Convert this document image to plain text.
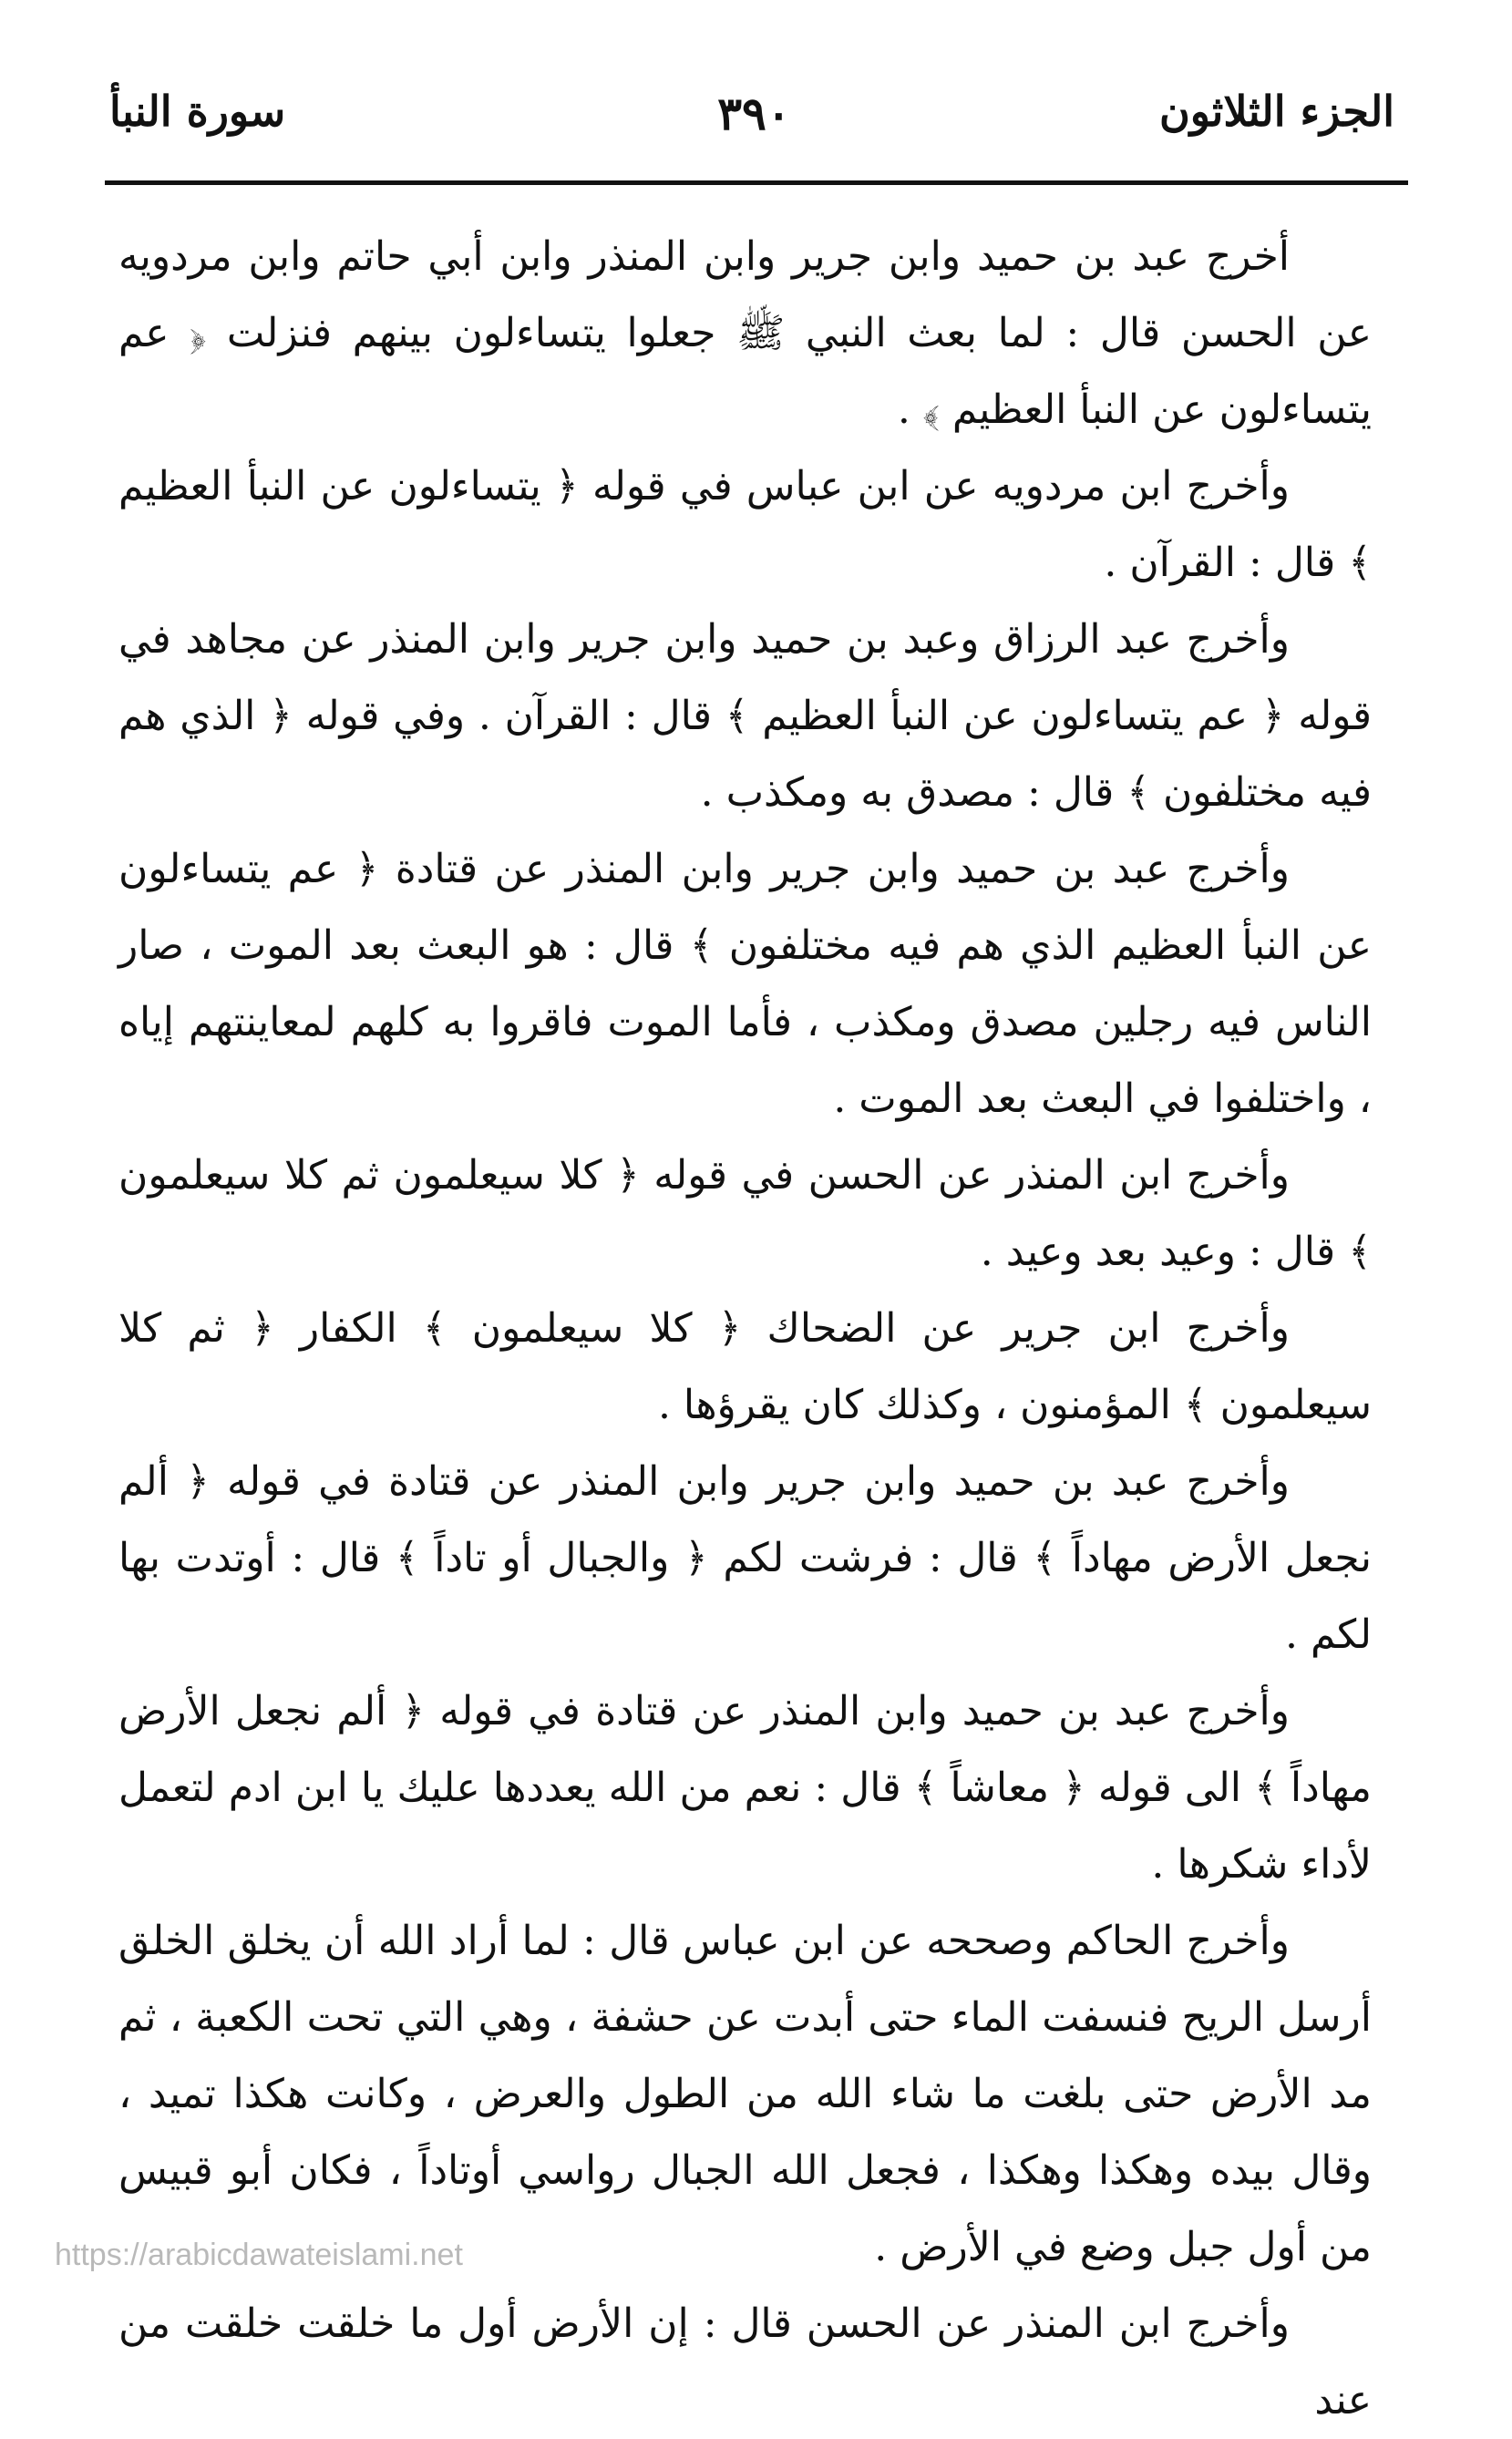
الجزء الثلاثون
٣٩٠
سورة النبأ

أخرج عبد بن حميد وابن جرير وابن المنذر وابن أبي حاتم وابن مردويه عن الحسن قال : لما بعث النبي ﷺ جعلوا يتساءلون بينهم فنزلت ﴿ عم يتساءلون عن النبأ العظيم ﴾ .

وأخرج ابن مردويه عن ابن عباس في قوله ﴿ يتساءلون عن النبأ العظيم ﴾ قال : القرآن .

وأخرج عبد الرزاق وعبد بن حميد وابن جرير وابن المنذر عن مجاهد في قوله ﴿ عم يتساءلون عن النبأ العظيم ﴾ قال : القرآن . وفي قوله ﴿ الذي هم فيه مختلفون ﴾ قال : مصدق به ومكذب .

وأخرج عبد بن حميد وابن جرير وابن المنذر عن قتادة ﴿ عم يتساءلون عن النبأ العظيم الذي هم فيه مختلفون ﴾ قال : هو البعث بعد الموت ، صار الناس فيه رجلين مصدق ومكذب ، فأما الموت فاقروا به كلهم لمعاينتهم إياه ، واختلفوا في البعث بعد الموت .

وأخرج ابن المنذر عن الحسن في قوله ﴿ كلا سيعلمون ثم كلا سيعلمون ﴾ قال : وعيد بعد وعيد .

وأخرج ابن جرير عن الضحاك ﴿ كلا سيعلمون ﴾ الكفار ﴿ ثم كلا سيعلمون ﴾ المؤمنون ، وكذلك كان يقرؤها .

وأخرج عبد بن حميد وابن جرير وابن المنذر عن قتادة في قوله ﴿ ألم نجعل الأرض مهاداً ﴾ قال : فرشت لكم ﴿ والجبال أو تاداً ﴾ قال : أوتدت بها لكم .

وأخرج عبد بن حميد وابن المنذر عن قتادة في قوله ﴿ ألم نجعل الأرض مهاداً ﴾ الى قوله ﴿ معاشاً ﴾ قال : نعم من الله يعددها عليك يا ابن ادم لتعمل لأداء شكرها .

وأخرج الحاكم وصححه عن ابن عباس قال : لما أراد الله أن يخلق الخلق أرسل الريح فنسفت الماء حتى أبدت عن حشفة ، وهي التي تحت الكعبة ، ثم مد الأرض حتى بلغت ما شاء الله من الطول والعرض ، وكانت هكذا تميد ، وقال بيده وهكذا وهكذا ، فجعل الله الجبال رواسي أوتاداً ، فكان أبو قبيس من أول جبل وضع في الأرض .

وأخرج ابن المنذر عن الحسن قال : إن الأرض أول ما خلقت خلقت من عند

https://arabicdawateislami.net
